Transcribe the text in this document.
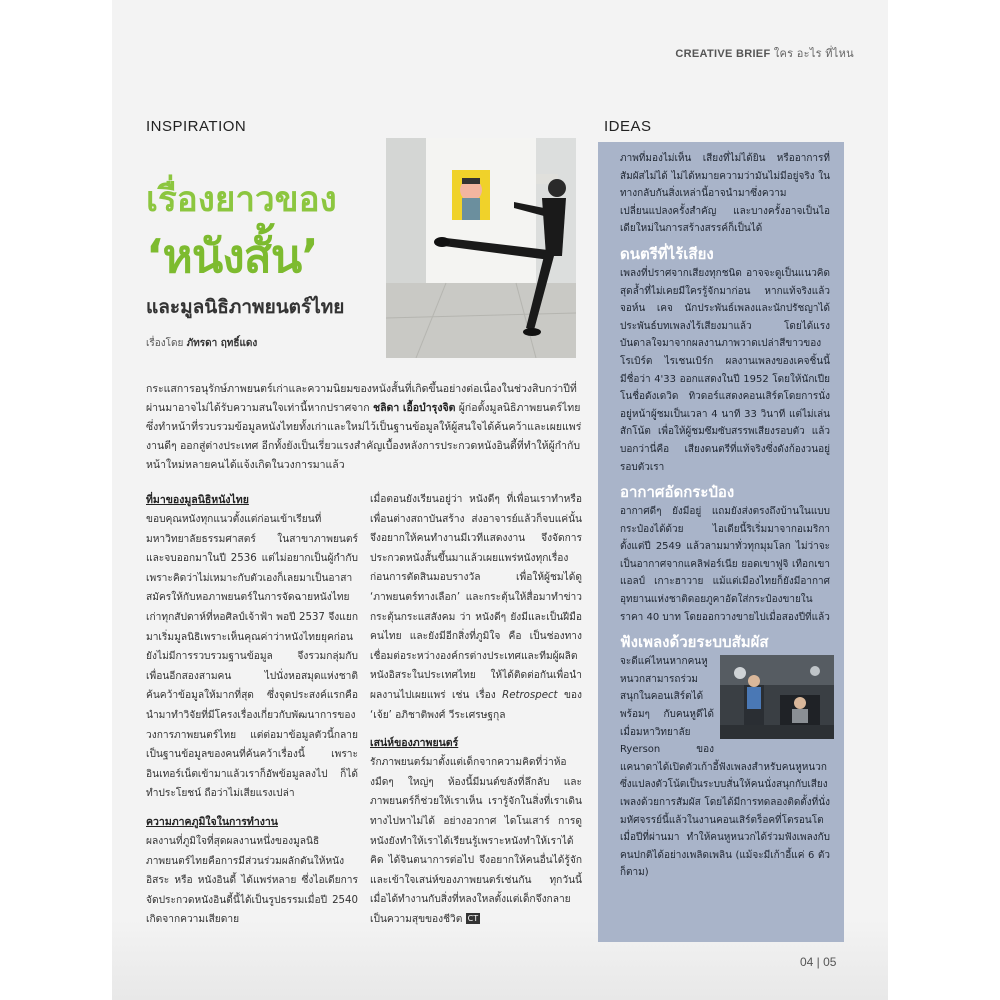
CREATIVE BRIEF ใคร อะไร ที่ไหน
INSPIRATION	IDEAS
เรื่องยาวของ
‘หนังสั้น’
และมูลนิธิภาพยนตร์ไทย
เรื่องโดย ภัทรดา ฤทธิ์แดง
กระแสการอนุรักษ์ภาพยนตร์เก่าและความนิยมของหนังสั้นที่เกิดขึ้นอย่างต่อเนื่องในช่วงสิบกว่าปีที่ผ่านมาอาจไม่ได้รับความสนใจเท่านี้หากปราศจาก ชลิดา เอื้อบำรุงจิต ผู้ก่อตั้งมูลนิธิภาพยนตร์ไทยซึ่งทำหน้าที่รวบรวมข้อมูลหนังไทยทั้งเก่าและใหม่ไว้เป็นฐานข้อมูลให้ผู้สนใจได้ค้นคว้าและเผยแพร่งานดีๆ ออกสู่ต่างประเทศ อีกทั้งยังเป็นเรี่ยวแรงสำคัญเบื้องหลังการประกวดหนังอินดี้ที่ทำให้ผู้กำกับหน้าใหม่หลายคนได้แจ้งเกิดในวงการมาแล้ว
ที่มาของมูลนิธิหนังไทย

ขอบคุณหนังทุกแนวตั้งแต่ก่อนเข้าเรียนที่มหาวิทยาลัยธรรมศาสตร์ ในสาขาภาพยนตร์ และจบออกมาในปี 2536 แต่ไม่อยากเป็นผู้กำกับเพราะคิดว่าไม่เหมาะกับตัวเองก็เลยมาเป็นอาสาสมัครให้กับหอภาพยนตร์ในการจัดฉายหนังไทยเก่าทุกสัปดาห์ที่หอศิลป์เจ้าฟ้า พอปี 2537 จึงแยกมาเริ่มมูลนิธิเพราะเห็นคุณค่าว่าหนังไทยยุคก่อนยังไม่มีการรวบรวมฐานข้อมูล จึงรวมกลุ่มกับเพื่อนอีกสองสามคน ไปนั่งหอสมุดแห่งชาติ ค้นคว้าข้อมูลให้มากที่สุด ซึ่งจุดประสงค์แรกคือ นำมาทำวิจัยที่มีโครงเรื่องเกี่ยวกับพัฒนาการของวงการภาพยนตร์ไทย แต่ต่อมาข้อมูลตัวนี้กลายเป็นฐานข้อมูลของคนที่ค้นคว้าเรื่องนี้ เพราะอินเทอร์เน็ตเข้ามาแล้วเราก็อัพข้อมูลลงไป ก็ได้ทำประโยชน์ ถือว่าไม่เสียแรงเปล่า

ความภาคภูมิใจในการทำงาน

ผลงานที่ภูมิใจที่สุดผลงานหนึ่งของมูลนิธิภาพยนตร์ไทยคือการมีส่วนร่วมผลักดันให้หนังอิสระ หรือ หนังอินดี้ ได้แพร่หลาย ซึ่งไอเดียการจัดประกวดหนังอินดี้นี้ได้เป็นรูปธรรมเมื่อปี 2540 เกิดจากความเสียดาย

เมื่อตอนยังเรียนอยู่ว่า หนังดีๆ ที่เพื่อนเราทำหรือเพื่อนต่างสถาบันสร้าง ส่งอาจารย์แล้วก็จบแค่นั้นจึงอยากให้คนทำงานมีเวทีแสดงงาน จึงจัดการประกวดหนังสั้นขึ้นมาแล้วเผยแพร่หนังทุกเรื่องก่อนการตัดสินมอบรางวัล เพื่อให้ผู้ชมได้ดู ‘ภาพยนตร์ทางเลือก’ และกระตุ้นให้สื่อมาทำข่าวกระตุ้นกระแสสังคม ว่า หนังดีๆ ยังมีและเป็นฝีมือคนไทย และยังมีอีกสิ่งที่ภูมิใจ คือ เป็นช่องทางเชื่อมต่อระหว่างองค์กรต่างประเทศและทีมผู้ผลิตหนังอิสระในประเทศไทย ให้ได้ติดต่อกันเพื่อนำผลงานไปเผยแพร่ เช่น เรื่อง Retrospect ของ ‘เจ้ย’ อภิชาติพงศ์ วีระเศรษฐกุล

เสน่ห์ของภาพยนตร์

รักภาพยนตร์มาตั้งแต่เด็กจากความคิดที่ว่าห้องมืดๆ ใหญ่ๆ ห้องนี้มีมนต์ขลังที่ลึกลับ และภาพยนตร์ก็ช่วยให้เราเห็น เรารู้จักในสิ่งที่เราเดินทางไปหาไม่ได้ อย่างอวกาศ ไดโนเสาร์ การดูหนังยังทำให้เราได้เรียนรู้เพราะหนังทำให้เราได้คิด ได้จินตนาการต่อไป จึงอยากให้คนอื่นได้รู้จักและเข้าใจเสน่ห์ของภาพยนตร์เช่นกัน ทุกวันนี้เมื่อได้ทำงานกับสิ่งที่หลงใหลตั้งแต่เด็กจึงกลายเป็นความสุขของชีวิต CT

ภาพที่มองไม่เห็น เสียงที่ไม่ได้ยิน หรืออาการที่สัมผัสไม่ได้ ไม่ได้หมายความว่ามันไม่มีอยู่จริง ในทางกลับกันสิ่งเหล่านี้อาจนำมาซึ่งความเปลี่ยนแปลงครั้งสำคัญ และบางครั้งอาจเป็นไอเดียใหม่ในการสร้างสรรค์ก็เป็นได้

ดนตรีที่ไร้เสียง

เพลงที่ปราศจากเสียงทุกชนิด อาจจะดูเป็นแนวคิดสุดล้ำที่ไม่เคยมีใครรู้จักมาก่อน หากแท้จริงแล้ว จอห์น เคจ นักประพันธ์เพลงและนักปรัชญาได้ประพันธ์บทเพลงไร้เสียงมาแล้ว โดยได้แรงบันดาลใจมาจากผลงานภาพวาดเปล่าสีขาวของโรเบิร์ต ไรเชนเบิร์ก ผลงานเพลงของเคจชิ้นนี้มีชื่อว่า 4'33 ออกแสดงในปี 1952 โดยให้นักเปียโนชื่อดังเดวิด ทิวดอร์แสดงคอนเสิร์ตโดยการนั่งอยู่หน้าผู้ชมเป็นเวลา 4 นาที 33 วินาที แต่ไม่เล่นสักโน้ต เพื่อให้ผู้ชมซึมซับสรรพเสียงรอบตัว แล้วบอกว่านี่คือ เสียงดนตรีที่แท้จริงซึ่งดังก้องวนอยู่รอบตัวเรา

อากาศอัดกระป๋อง

อากาศดีๆ ยังมีอยู่ แถมยังส่งตรงถึงบ้านในแบบกระป๋องได้ด้วย ไอเดียนี้ริเริ่มมาจากอเมริกา ตั้งแต่ปี 2549 แล้วลามมาทั่วทุกมุมโลก ไม่ว่าจะเป็นอากาศจากแคลิฟอร์เนีย ยอดเขาฟูจิ เทือกเขาแอลป์ เกาะฮาวาย แม้แต่เมืองไทยก็ยังมีอากาศอุทยานแห่งชาติดอยภูคาอัดใส่กระป๋องขายในราคา 40 บาท โดยออกวางขายไปเมื่อสองปีที่แล้ว

ฟังเพลงด้วยระบบสัมผัส

จะดีแค่ไหนหากคนหูหนวกสามารถร่วมสนุกในคอนเสิร์ตได้พร้อมๆ กับคนหูดีได้ เมื่อมหาวิทยาลัย Ryerson ของแคนาดาได้เปิดตัวเก้าอี้ฟังเพลงสำหรับคนหูหนวก ซึ่งแปลงตัวโน้ตเป็นระบบสั่นให้คนนั่งสนุกกับเสียงเพลงด้วยการสัมผัส โดยได้มีการทดลองติดตั้งที่นั่งมหัศจรรย์นี้แล้วในงานคอนเสิร์ตร็อคที่โตรอนโตเมื่อปีที่ผ่านมา ทำให้คนหูหนวกได้ร่วมฟังเพลงกับคนปกติได้อย่างเพลิดเพลิน (แม้จะมีเก้าอี้แค่ 6 ตัวก็ตาม)

04 | 05
